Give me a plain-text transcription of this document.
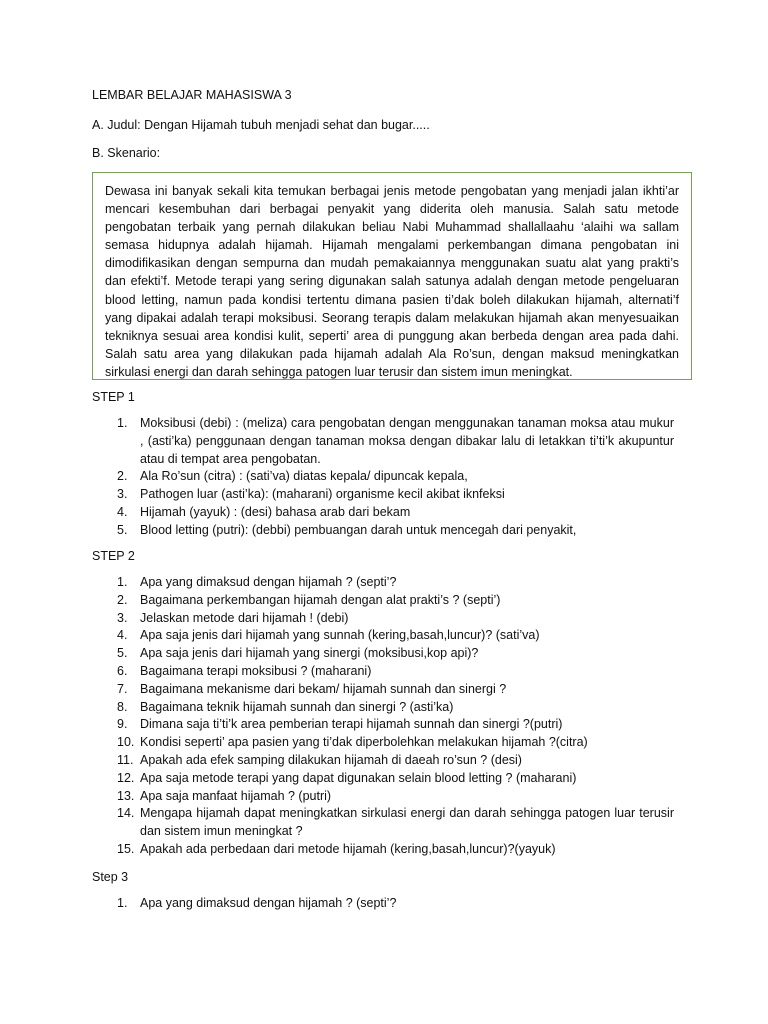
LEMBAR BELAJAR MAHASISWA 3
A. Judul: Dengan Hijamah tubuh menjadi sehat dan bugar.....
B. Skenario:
Dewasa ini banyak sekali kita temukan berbagai jenis metode pengobatan yang menjadi jalan ikhti’ar mencari kesembuhan dari berbagai penyakit yang diderita oleh manusia. Salah satu metode pengobatan terbaik yang pernah dilakukan beliau Nabi Muhammad shallallaahu ‘alaihi wa sallam semasa hidupnya adalah hijamah. Hijamah mengalami perkembangan dimana pengobatan ini dimodifikasikan dengan sempurna dan mudah pemakaiannya menggunakan suatu alat yang prakti’s dan efekti’f. Metode terapi yang sering digunakan salah satunya adalah dengan metode pengeluaran blood letting, namun pada kondisi tertentu dimana pasien ti’dak boleh dilakukan hijamah, alternati’f yang dipakai adalah terapi moksibusi. Seorang terapis dalam melakukan hijamah akan menyesuaikan tekniknya sesuai area kondisi kulit, seperti’ area di punggung akan berbeda dengan area pada dahi. Salah satu area yang dilakukan pada hijamah adalah Ala Ro’sun, dengan maksud meningkatkan sirkulasi energi dan darah sehingga patogen luar terusir dan sistem imun meningkat.
STEP 1
1. Moksibusi (debi) : (meliza) cara pengobatan dengan menggunakan tanaman moksa atau mukur , (asti’ka) penggunaan dengan tanaman moksa dengan dibakar lalu di letakkan ti’ti’k akupuntur atau di tempat area pengobatan.
2. Ala Ro’sun (citra) : (sati’va) diatas kepala/ dipuncak kepala,
3. Pathogen luar (asti’ka): (maharani) organisme kecil akibat iknfeksi
4. Hijamah (yayuk) : (desi) bahasa arab dari bekam
5. Blood letting (putri): (debbi) pembuangan darah untuk mencegah dari penyakit,
STEP 2
1. Apa yang dimaksud dengan hijamah ? (septi’?
2. Bagaimana perkembangan hijamah dengan alat prakti’s ? (septi’)
3. Jelaskan metode dari hijamah ! (debi)
4. Apa saja jenis dari hijamah yang sunnah (kering,basah,luncur)? (sati’va)
5. Apa saja jenis dari hijamah yang sinergi (moksibusi,kop api)?
6. Bagaimana terapi moksibusi ? (maharani)
7. Bagaimana mekanisme dari bekam/ hijamah sunnah dan sinergi ?
8. Bagaimana teknik hijamah sunnah dan sinergi ? (asti’ka)
9. Dimana saja ti’ti’k area pemberian terapi hijamah sunnah dan sinergi ?(putri)
10. Kondisi seperti’ apa pasien yang ti’dak diperbolehkan melakukan hijamah ?(citra)
11. Apakah ada efek samping dilakukan hijamah di daeah ro’sun ? (desi)
12. Apa saja metode terapi yang dapat digunakan selain blood letting ? (maharani)
13. Apa saja manfaat hijamah ? (putri)
14. Mengapa hijamah dapat meningkatkan sirkulasi energi dan darah sehingga patogen luar terusir dan sistem imun meningkat ?
15. Apakah ada perbedaan dari metode hijamah (kering,basah,luncur)?(yayuk)
Step 3
1. Apa yang dimaksud dengan hijamah ? (septi’?
